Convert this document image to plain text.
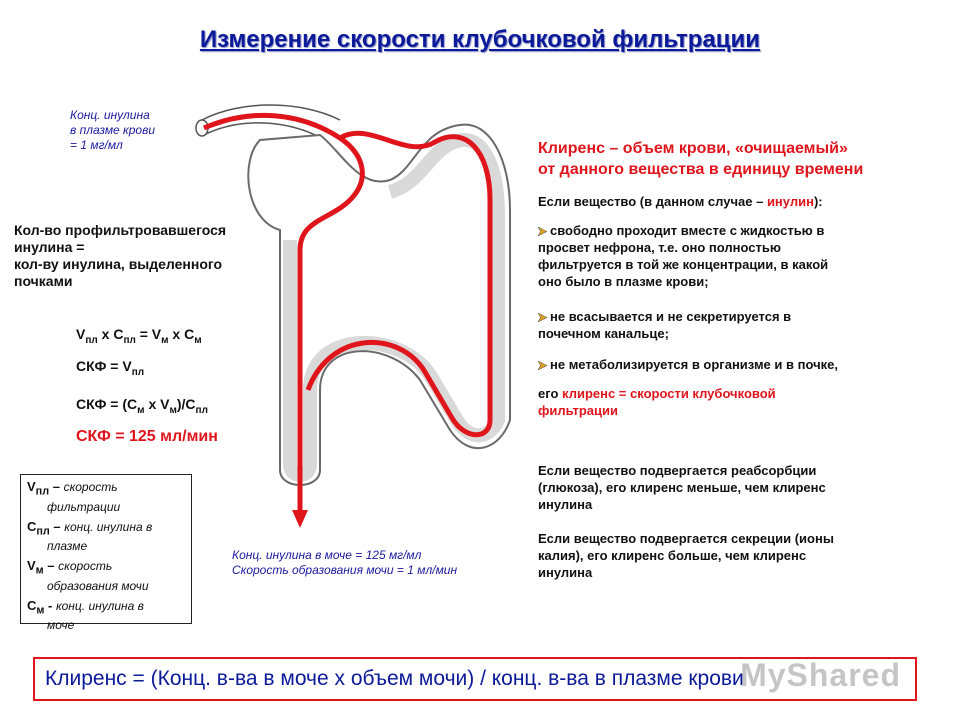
Измерение скорости клубочковой фильтрации
Конц. инулина
в плазме крови
= 1 мг/мл
Кол-во профильтровавшегося
инулина =
кол-ву инулина, выделенного
почками
$V_{пл}$ x $C_{пл} = V_м$ x $C_м$
СКФ = $V_{пл}$
СКФ = ($C_м$ x $V_м)/C_{пл}$
СКФ = 125 мл/мин
$V_{пл}$ – скорость
фильтрации
$C_{пл}$ – конц. инулина в
плазме
$V_м$ – скорость
образования мочи
$C_м$ - конц. инулина в
моче
Конц. инулина в моче = 125 мг/мл
Скорость образования мочи = 1 мл/мин
Клиренс – объем крови, «очищаемый»
от данного вещества в единицу времени
Если вещество (в данном случае – инулин):
свободно проходит вместе с жидкостью в
просвет нефрона, т.е. оно полностью
фильтруется в той же концентрации, в какой
оно было в плазме крови;
не всасывается и не секретируется в
почечном канальце;
не метаболизируется в организме и в почке,
его клиренс = скорости клубочковой
фильтрации
Если вещество подвергается реабсорбции
(глюкоза), его клиренс меньше, чем клиренс
инулина
Если вещество подвергается секреции (ионы
калия), его клиренс больше, чем клиренс
инулина
Клиренс = (Конц. в-ва в моче х объем мочи) / конц. в-ва в плазме крови
MyShared
